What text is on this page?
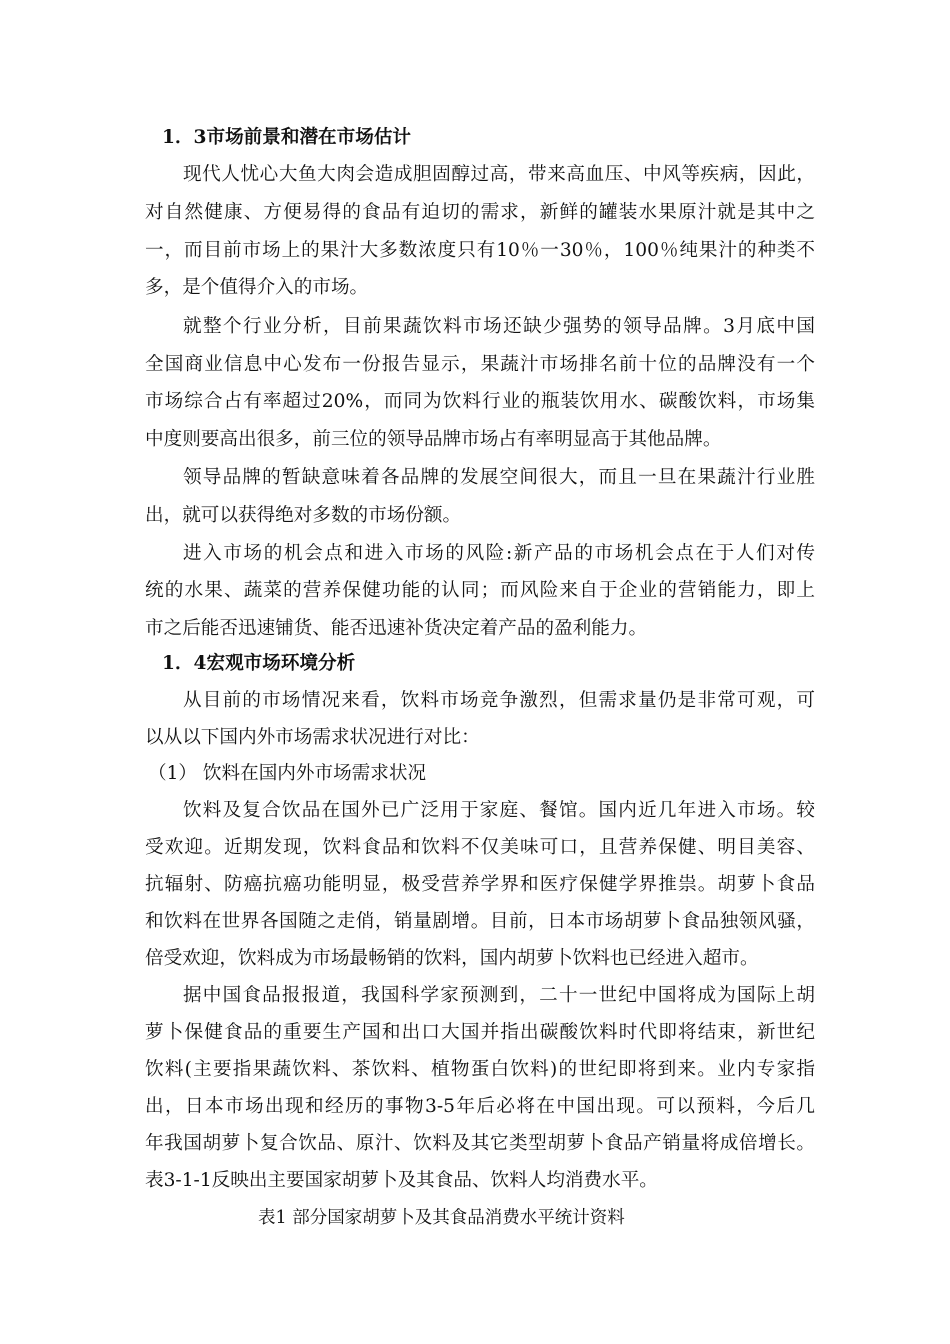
1．3市场前景和潜在市场估计
现代人忧心大鱼大肉会造成胆固醇过高，带来高血压、中风等疾病，因此，
对自然健康、方便易得的食品有迫切的需求，新鲜的罐装水果原汁就是其中之
一，而目前市场上的果汁大多数浓度只有10％一30％，100％纯果汁的种类不
多，是个值得介入的市场。
就整个行业分析，目前果蔬饮料市场还缺少强势的领导品牌。3月底中国
全国商业信息中心发布一份报告显示，果蔬汁市场排名前十位的品牌没有一个
市场综合占有率超过20%，而同为饮料行业的瓶装饮用水、碳酸饮料，市场集
中度则要高出很多，前三位的领导品牌市场占有率明显高于其他品牌。
领导品牌的暂缺意味着各品牌的发展空间很大，而且一旦在果蔬汁行业胜
出，就可以获得绝对多数的市场份额。
进入市场的机会点和进入市场的风险:新产品的市场机会点在于人们对传
统的水果、蔬菜的营养保健功能的认同；而风险来自于企业的营销能力，即上
市之后能否迅速铺货、能否迅速补货决定着产品的盈利能力。
1．4宏观市场环境分析
从目前的市场情况来看，饮料市场竞争激烈，但需求量仍是非常可观，可
以从以下国内外市场需求状况进行对比：
（1） 饮料在国内外市场需求状况
饮料及复合饮品在国外已广泛用于家庭、餐馆。国内近几年进入市场。较
受欢迎。近期发现，饮料食品和饮料不仅美味可口，且营养保健、明目美容、
抗辐射、防癌抗癌功能明显，极受营养学界和医疗保健学界推祟。胡萝卜食品
和饮料在世界各国随之走俏，销量剧增。目前，日本市场胡萝卜食品独领风骚，
倍受欢迎，饮料成为市场最畅销的饮料，国内胡萝卜饮料也已经进入超市。
据中国食品报报道，我国科学家预测到，二十一世纪中国将成为国际上胡
萝卜保健食品的重要生产国和出口大国并指出碳酸饮料时代即将结束，新世纪
饮料(主要指果蔬饮料、茶饮料、植物蛋白饮料)的世纪即将到来。业内专家指
出，日本市场出现和经历的事物3-5年后必将在中国出现。可以预料，今后几
年我国胡萝卜复合饮品、原汁、饮料及其它类型胡萝卜食品产销量将成倍增长。
表3-1-1反映出主要国家胡萝卜及其食品、饮料人均消费水平。
表1 部分国家胡萝卜及其食品消费水平统计资料
